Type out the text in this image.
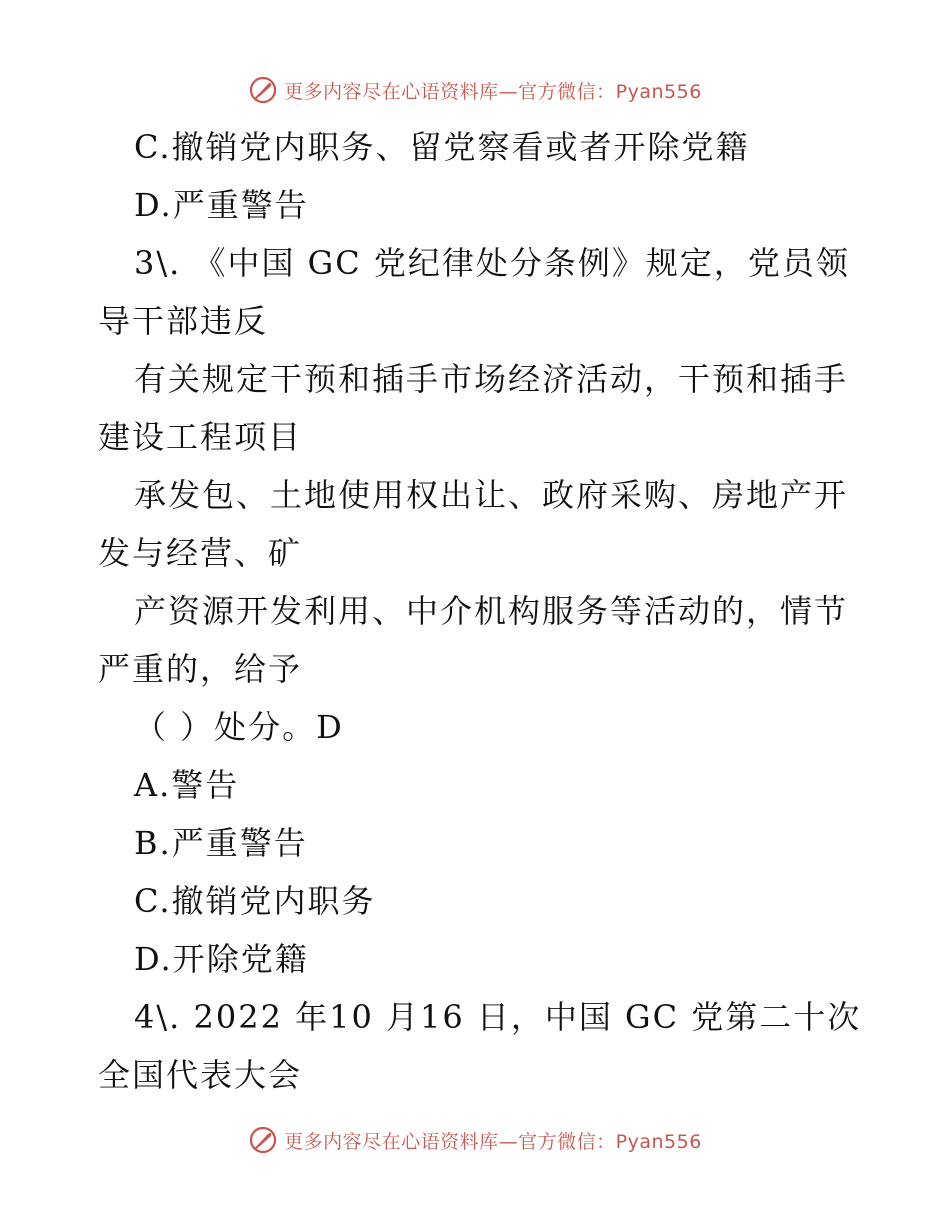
更多内容尽在心语资料库—官方微信：Pyan556
C.撤销党内职务、留党察看或者开除党籍
D.严重警告
3\. 《中国 GC 党纪律处分条例》规定，党员领
导干部违反
有关规定干预和插手市场经济活动，干预和插手
建设工程项目
承发包、土地使用权出让、政府采购、房地产开
发与经营、矿
产资源开发利用、中介机构服务等活动的，情节
严重的，给予
（ ）处分。D
A.警告
B.严重警告
C.撤销党内职务
D.开除党籍
4\. 2022 年10 月16 日，中国 GC 党第二十次
全国代表大会
更多内容尽在心语资料库—官方微信：Pyan556
